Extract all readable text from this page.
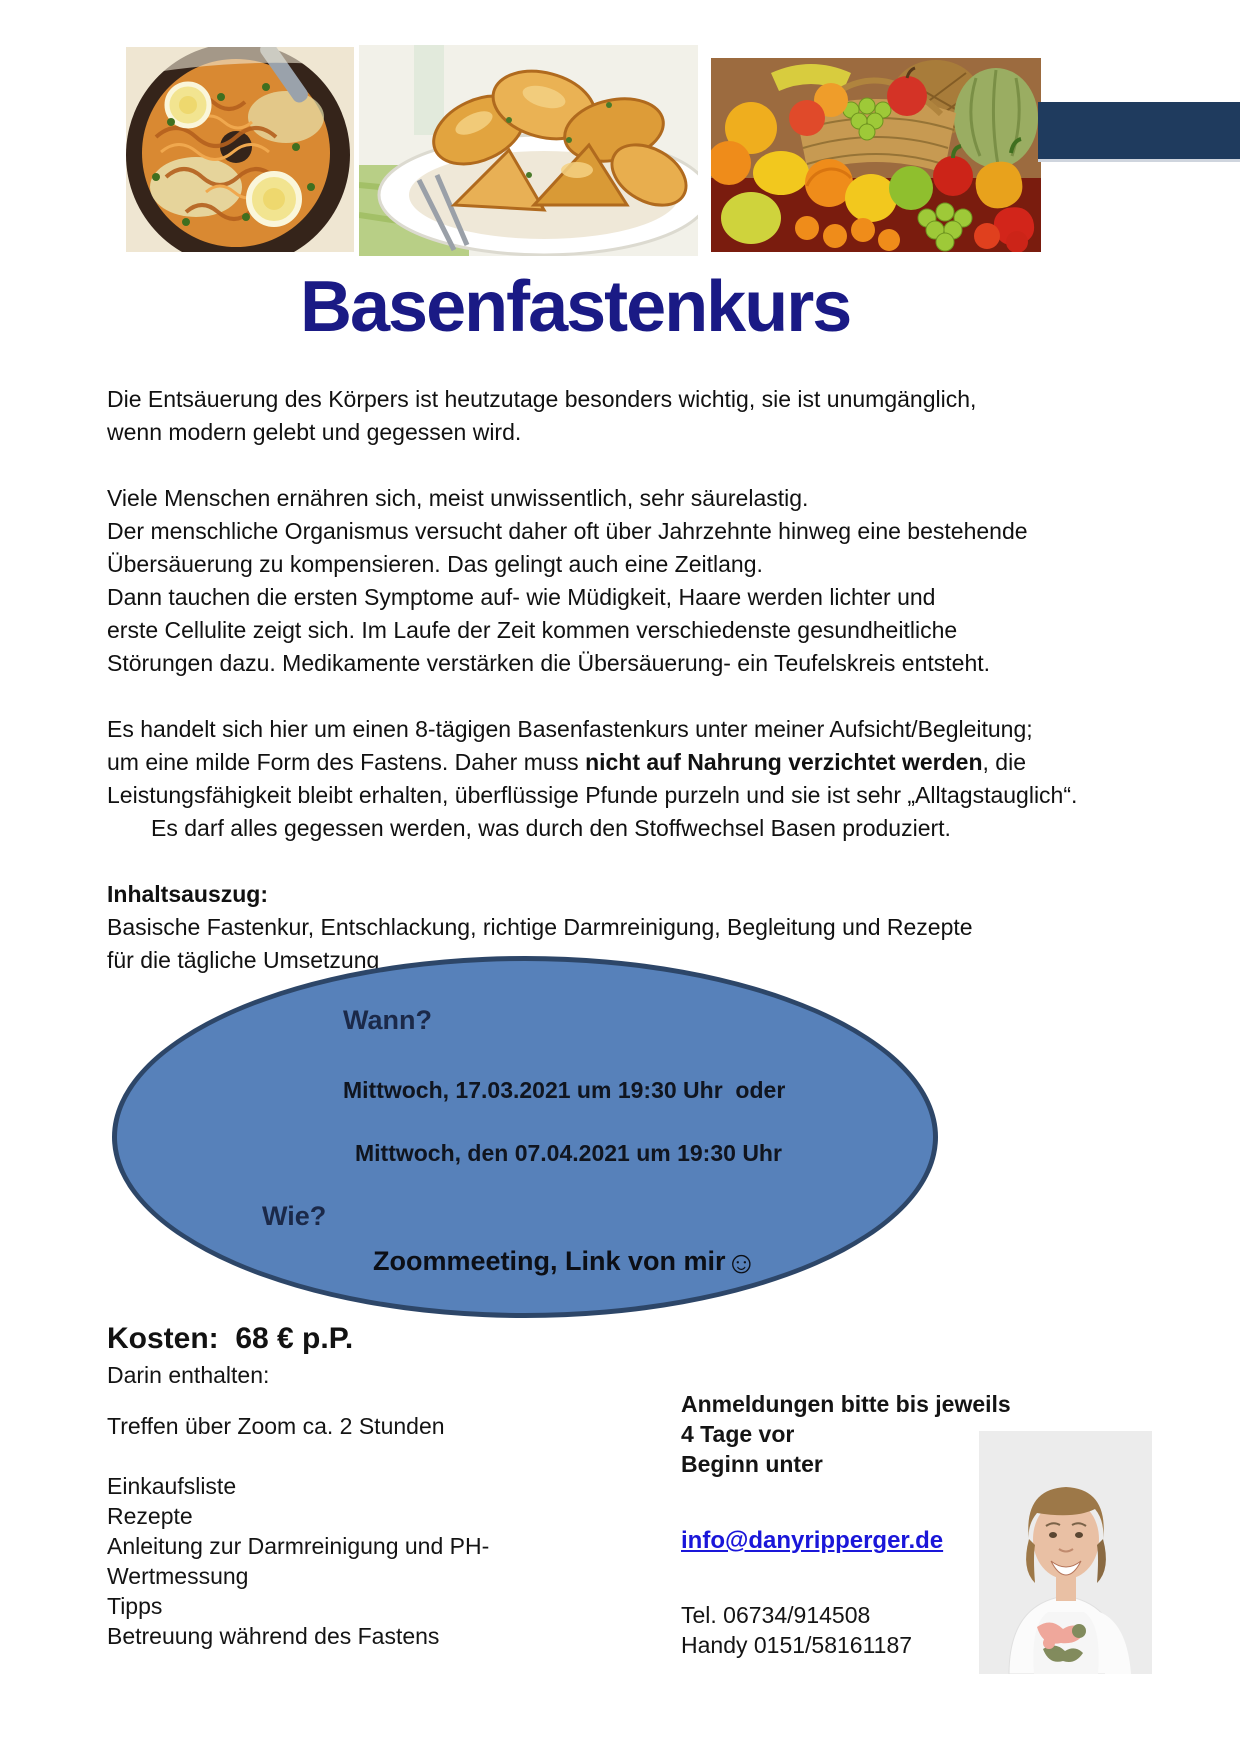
Basenfastenkurs

Die Entsäuerung des Körpers ist heutzutage besonders wichtig, sie ist unumgänglich,
wenn modern gelebt und gegessen wird.

Viele Menschen ernähren sich, meist unwissentlich, sehr säurelastig.
Der menschliche Organismus versucht daher oft über Jahrzehnte hinweg eine bestehende
Übersäuerung zu kompensieren. Das gelingt auch eine Zeitlang.
Dann tauchen die ersten Symptome auf- wie Müdigkeit, Haare werden lichter und
erste Cellulite zeigt sich. Im Laufe der Zeit kommen verschiedenste gesundheitliche
Störungen dazu. Medikamente verstärken die Übersäuerung- ein Teufelskreis entsteht.

Es handelt sich hier um einen 8-tägigen Basenfastenkurs unter meiner Aufsicht/Begleitung;
um eine milde Form des Fastens. Daher muss nicht auf Nahrung verzichtet werden, die
Leistungsfähigkeit bleibt erhalten, überflüssige Pfunde purzeln und sie ist sehr „Alltagstauglich“.
Es darf alles gegessen werden, was durch den Stoffwechsel Basen produziert.

Inhaltsauszug:
Basische Fastenkur, Entschlackung, richtige Darmreinigung, Begleitung und Rezepte
für die tägliche Umsetzung

Wann?
Mittwoch, 17.03.2021 um 19:30 Uhr  oder
Mittwoch, den 07.04.2021 um 19:30 Uhr
Wie?
Zoommeeting, Link von mir☺
Kosten:  68 € p.P.
Darin enthalten:
Treffen über Zoom ca. 2 Stunden
Einkaufsliste
Rezepte
Anleitung zur Darmreinigung und PH-
Wertmessung
Tipps
Betreuung während des Fastens
Anmeldungen bitte bis jeweils 4 Tage vor
Beginn unter
info@danyripperger.de
Tel. 06734/914508
Handy 0151/58161187
